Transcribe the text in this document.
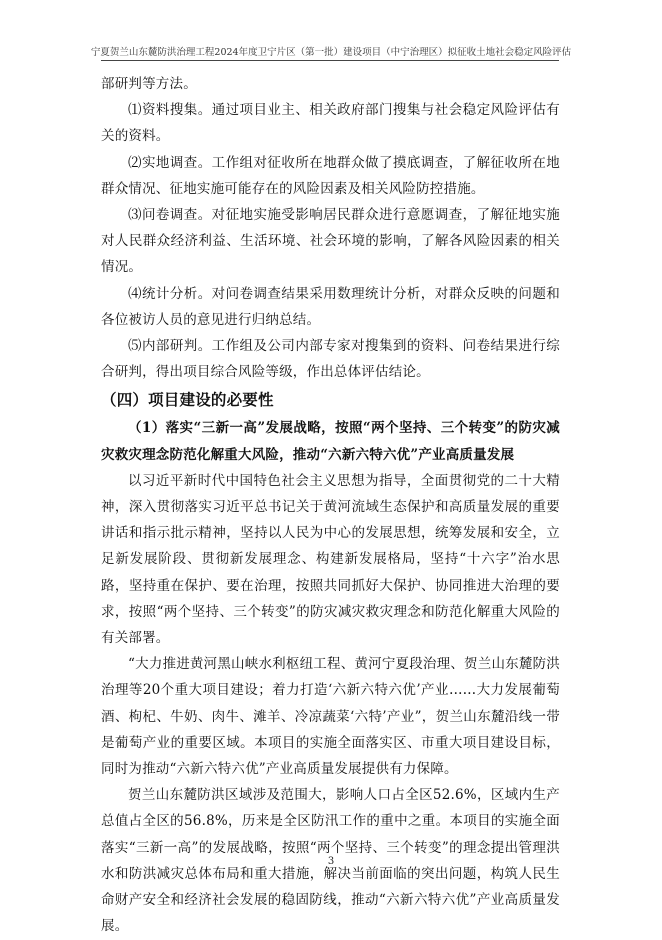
宁夏贺兰山东麓防洪治理工程2024年度卫宁片区（第一批）建设项目（中宁治理区）拟征收土地社会稳定风险评估

部研判等方法。

⑴资料搜集。通过项目业主、相关政府部门搜集与社会稳定风险评估有关的资料。

⑵实地调查。工作组对征收所在地群众做了摸底调查，了解征收所在地群众情况、征地实施可能存在的风险因素及相关风险防控措施。

⑶问卷调查。对征地实施受影响居民群众进行意愿调查，了解征地实施对人民群众经济利益、生活环境、社会环境的影响，了解各风险因素的相关情况。

⑷统计分析。对问卷调查结果采用数理统计分析，对群众反映的问题和各位被访人员的意见进行归纳总结。

⑸内部研判。工作组及公司内部专家对搜集到的资料、问卷结果进行综合研判，得出项目综合风险等级，作出总体评估结论。

（四）项目建设的必要性

（1）落实“三新一高”发展战略，按照“两个坚持、三个转变”的防灾减灾救灾理念防范化解重大风险，推动“六新六特六优”产业高质量发展

以习近平新时代中国特色社会主义思想为指导，全面贯彻党的二十大精神，深入贯彻落实习近平总书记关于黄河流域生态保护和高质量发展的重要讲话和指示批示精神，坚持以人民为中心的发展思想，统筹发展和安全，立足新发展阶段、贯彻新发展理念、构建新发展格局，坚持“十六字”治水思路，坚持重在保护、要在治理，按照共同抓好大保护、协同推进大治理的要求，按照“两个坚持、三个转变”的防灾减灾救灾理念和防范化解重大风险的有关部署。

“大力推进黄河黑山峡水利枢纽工程、黄河宁夏段治理、贺兰山东麓防洪治理等20个重大项目建设；着力打造‘六新六特六优’产业……大力发展葡萄酒、枸杞、牛奶、肉牛、滩羊、冷凉蔬菜‘六特’产业”，贺兰山东麓沿线一带是葡萄产业的重要区域。本项目的实施全面落实区、市重大项目建设目标，同时为推动“六新六特六优”产业高质量发展提供有力保障。

贺兰山东麓防洪区域涉及范围大，影响人口占全区52.6%，区域内生产总值占全区的56.8%，历来是全区防汛工作的重中之重。本项目的实施全面落实“三新一高”的发展战略，按照“两个坚持、三个转变”的理念提出管理洪水和防洪减灾总体布局和重大措施，解决当前面临的突出问题，构筑人民生命财产安全和经济社会发展的稳固防线，推动“六新六特六优”产业高质量发展。

3
